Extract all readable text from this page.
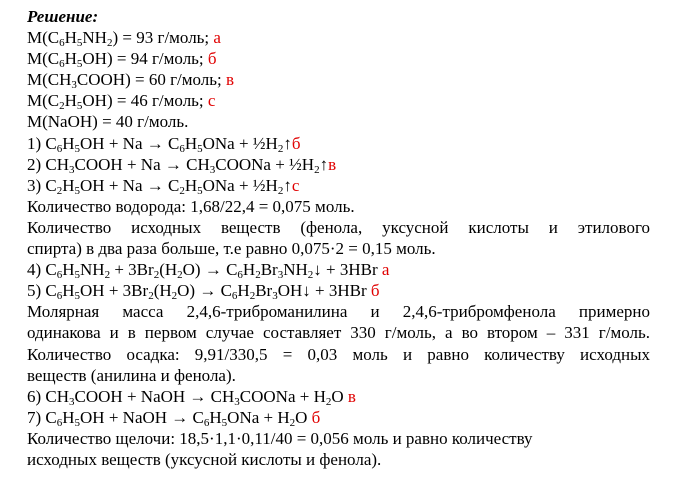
Решение:
$M(C_6H_5NH_2) = 93$ г/моль; а
$M(C_6H_5OH) = 94$ г/моль; б
$M(CH_3COOH) = 60$ г/моль; в
$M(C_2H_5OH) = 46$ г/моль; с
M(NaOH) = 40 г/моль.
1) $C_6H_5OH + Na \to C_6H_5ONa$ + $\frac{1}{2}H_2↑б$
2) $CH_3COOH + Na$ → $CH_3COONa$ + $\frac{1}{2}H_2↑в$
3) $C_2H_5OH + Na \to C_2H_5ONa$ + $\frac{1}{2}H_2↑с$
Количество водорода: 1,68/22,4 = 0,075 моль.
Количество исходных веществ (фенола, уксусной кислоты и этилового
спирта) в два раза больше, т.е равно 0,075·2 = 0,15 моль.
4) $C_6H_5NH_2 + 3Br_2(H_2O)$ → $C_6H_2Br_3NH_2↓ + 3HBr$ а
5) $C_6H_5OH + 3Br_2(H_2O)$ → $C_6H_2Br_3OH↓ + 3HBr$ б
Молярная масса 2,4,6-триброманилина и 2,4,6-трибромфенола примерно
одинакова и в первом случае составляет 330 г/моль, а во втором – 331 г/моль.
Количество осадка: 9,91/330,5 = 0,03 моль и равно количеству исходных
веществ (анилина и фенола).
6) $CH_3COOH$ + NaOH → $CH_3COONa + H_2O$ в
7) $C_6H_5OH$ + NaOH → $C_6H_5ONa + H_2O$ б
Количество щелочи: 18,5·1,1·0,11/40 = 0,056 моль и равно количеству
исходных веществ (уксусной кислоты и фенола).
